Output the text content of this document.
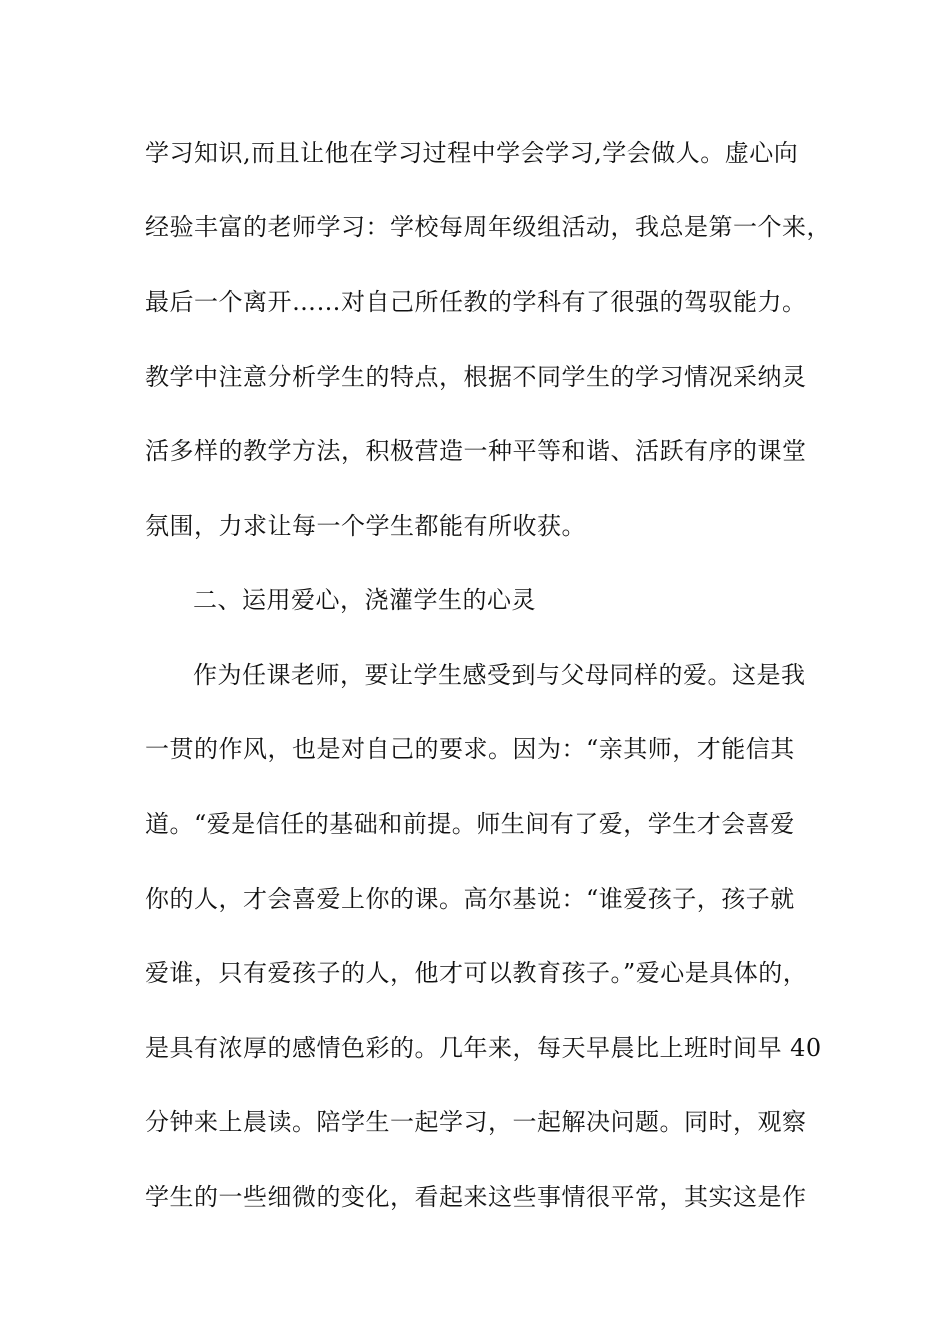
学习知识,而且让他在学习过程中学会学习,学会做人。虚心向

经验丰富的老师学习：学校每周年级组活动，我总是第一个来，

最后一个离开……对自己所任教的学科有了很强的驾驭能力。

教学中注意分析学生的特点，根据不同学生的学习情况采纳灵

活多样的教学方法，积极营造一种平等和谐、活跃有序的课堂

氛围，力求让每一个学生都能有所收获。

二、运用爱心，浇灌学生的心灵

作为任课老师，要让学生感受到与父母同样的爱。这是我

一贯的作风，也是对自己的要求。因为：“亲其师，才能信其

道。“爱是信任的基础和前提。师生间有了爱，学生才会喜爱

你的人，才会喜爱上你的课。高尔基说：“谁爱孩子，孩子就

爱谁，只有爱孩子的人，他才可以教育孩子。”爱心是具体的，

是具有浓厚的感情色彩的。几年来，每天早晨比上班时间早 40

分钟来上晨读。陪学生一起学习，一起解决问题。同时，观察

学生的一些细微的变化，看起来这些事情很平常，其实这是作
